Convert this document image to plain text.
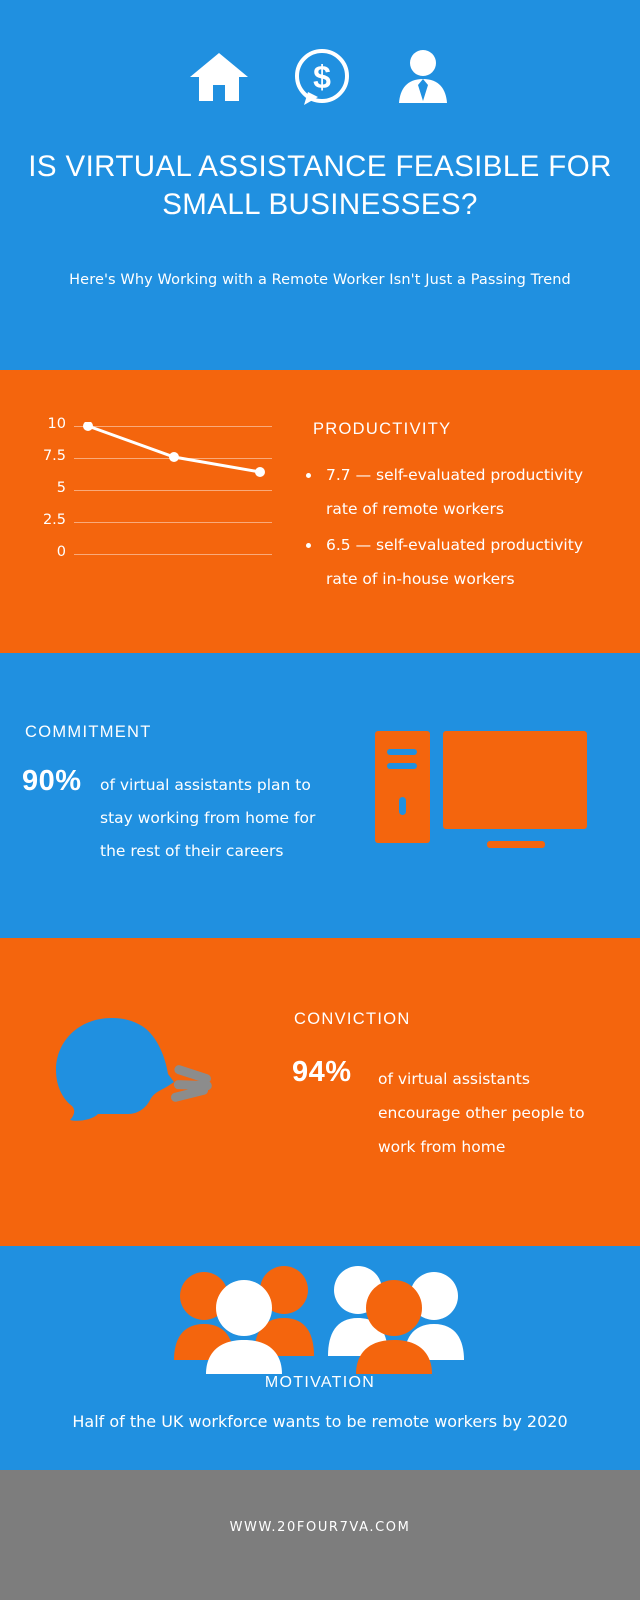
$
IS VIRTUAL ASSISTANCE FEASIBLE FOR SMALL BUSINESSES?
Here's Why Working with a Remote Worker Isn't Just a Passing Trend
10
7.5
5
2.5
0
PRODUCTIVITY
• 7.7 — self-evaluated productivity rate of remote workers
• 6.5 — self-evaluated productivity rate of in-house workers
COMMITMENT
90% of virtual assistants plan to stay working from home for the rest of their careers
CONVICTION
94% of virtual assistants encourage other people to work from home
MOTIVATION
Half of the UK workforce wants to be remote workers by 2020
WWW.20FOUR7VA.COM
